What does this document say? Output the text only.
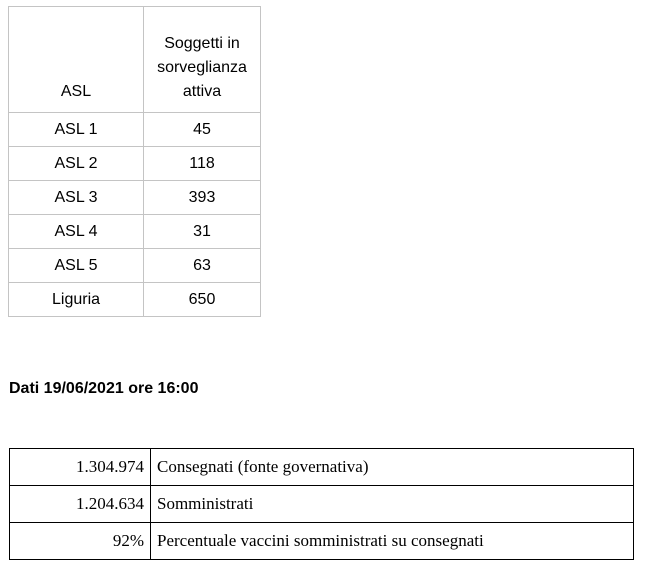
ASL	Soggetti in sorveglianza attiva

ASL 1	45
ASL 2	118
ASL 3	393
ASL 4	31
ASL 5	63
Liguria	650

Dati 19/06/2021 ore 16:00

1.304.974	Consegnati (fonte governativa)
1.204.634	Somministrati
92%	Percentuale vaccini somministrati su consegnati
